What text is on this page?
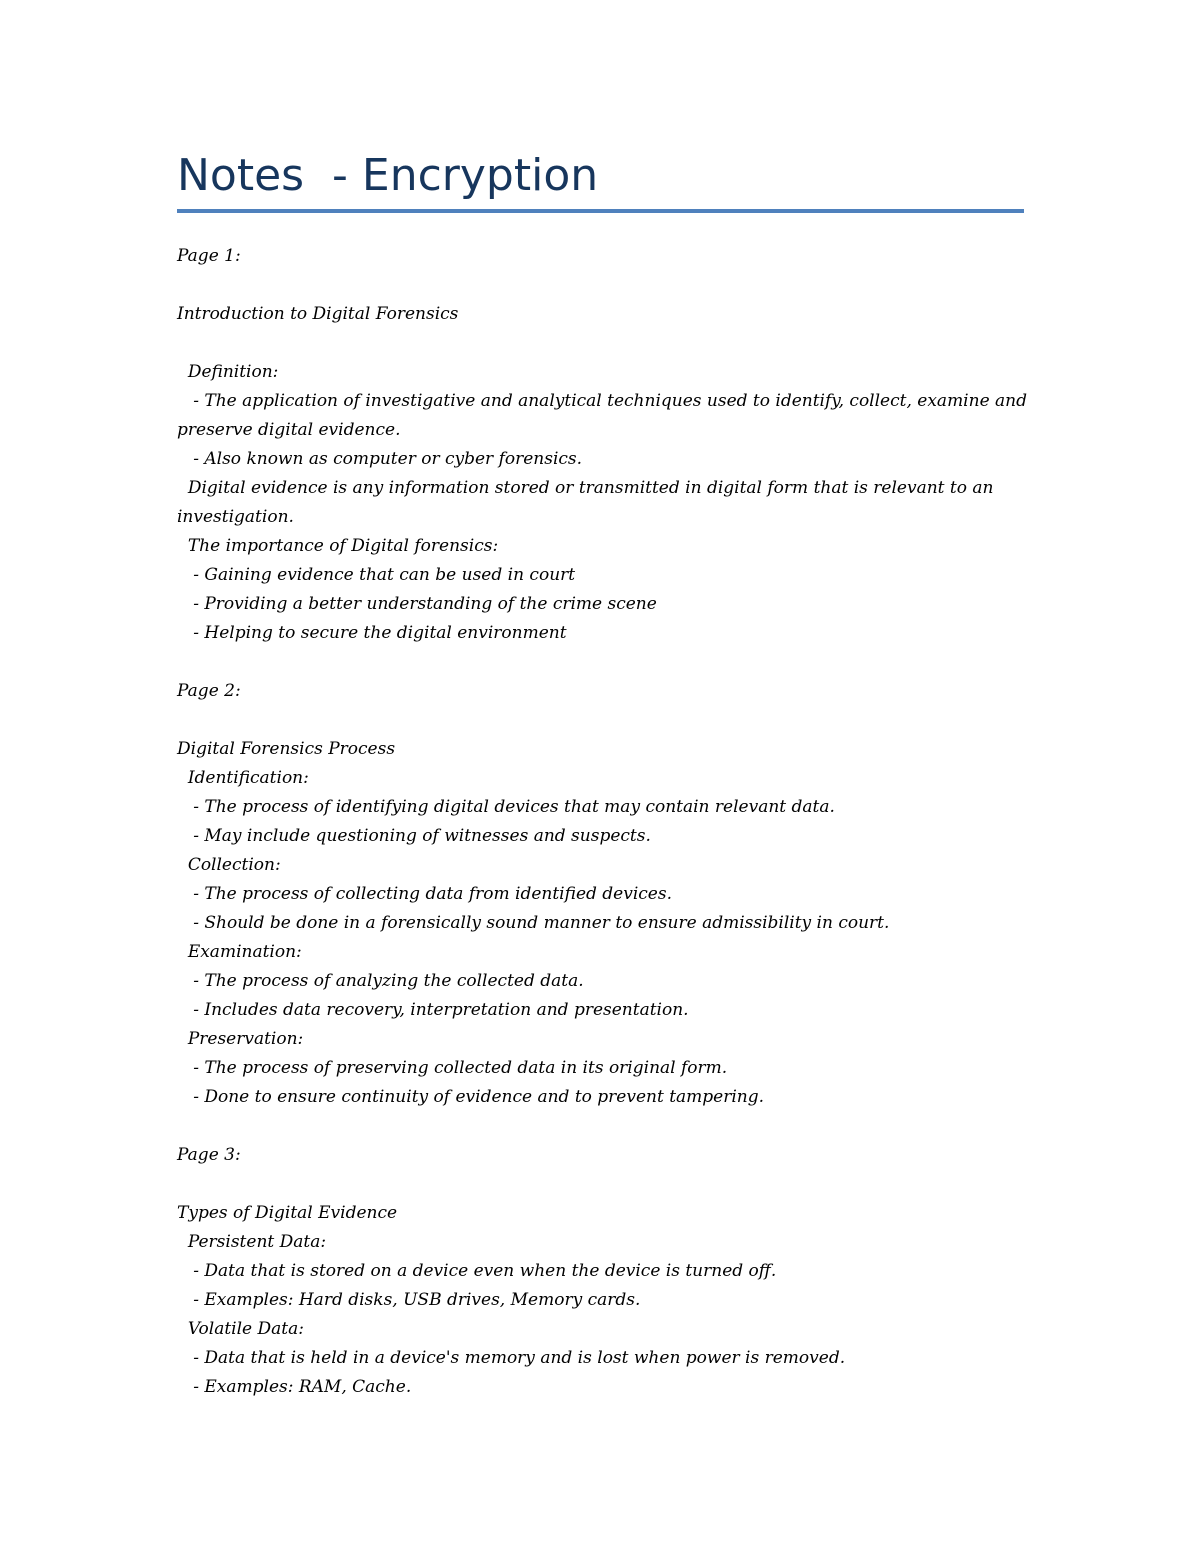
Notes  - Encryption
Page 1:
Introduction to Digital Forensics
Definition:
- The application of investigative and analytical techniques used to identify, collect, examine and preserve digital evidence.
- Also known as computer or cyber forensics.
Digital evidence is any information stored or transmitted in digital form that is relevant to an investigation.
The importance of Digital forensics:
- Gaining evidence that can be used in court
- Providing a better understanding of the crime scene
- Helping to secure the digital environment
Page 2:
Digital Forensics Process
Identification:
- The process of identifying digital devices that may contain relevant data.
- May include questioning of witnesses and suspects.
Collection:
- The process of collecting data from identified devices.
- Should be done in a forensically sound manner to ensure admissibility in court.
Examination:
- The process of analyzing the collected data.
- Includes data recovery, interpretation and presentation.
Preservation:
- The process of preserving collected data in its original form.
- Done to ensure continuity of evidence and to prevent tampering.
Page 3:
Types of Digital Evidence
Persistent Data:
- Data that is stored on a device even when the device is turned off.
- Examples: Hard disks, USB drives, Memory cards.
Volatile Data:
- Data that is held in a device's memory and is lost when power is removed.
- Examples: RAM, Cache.
